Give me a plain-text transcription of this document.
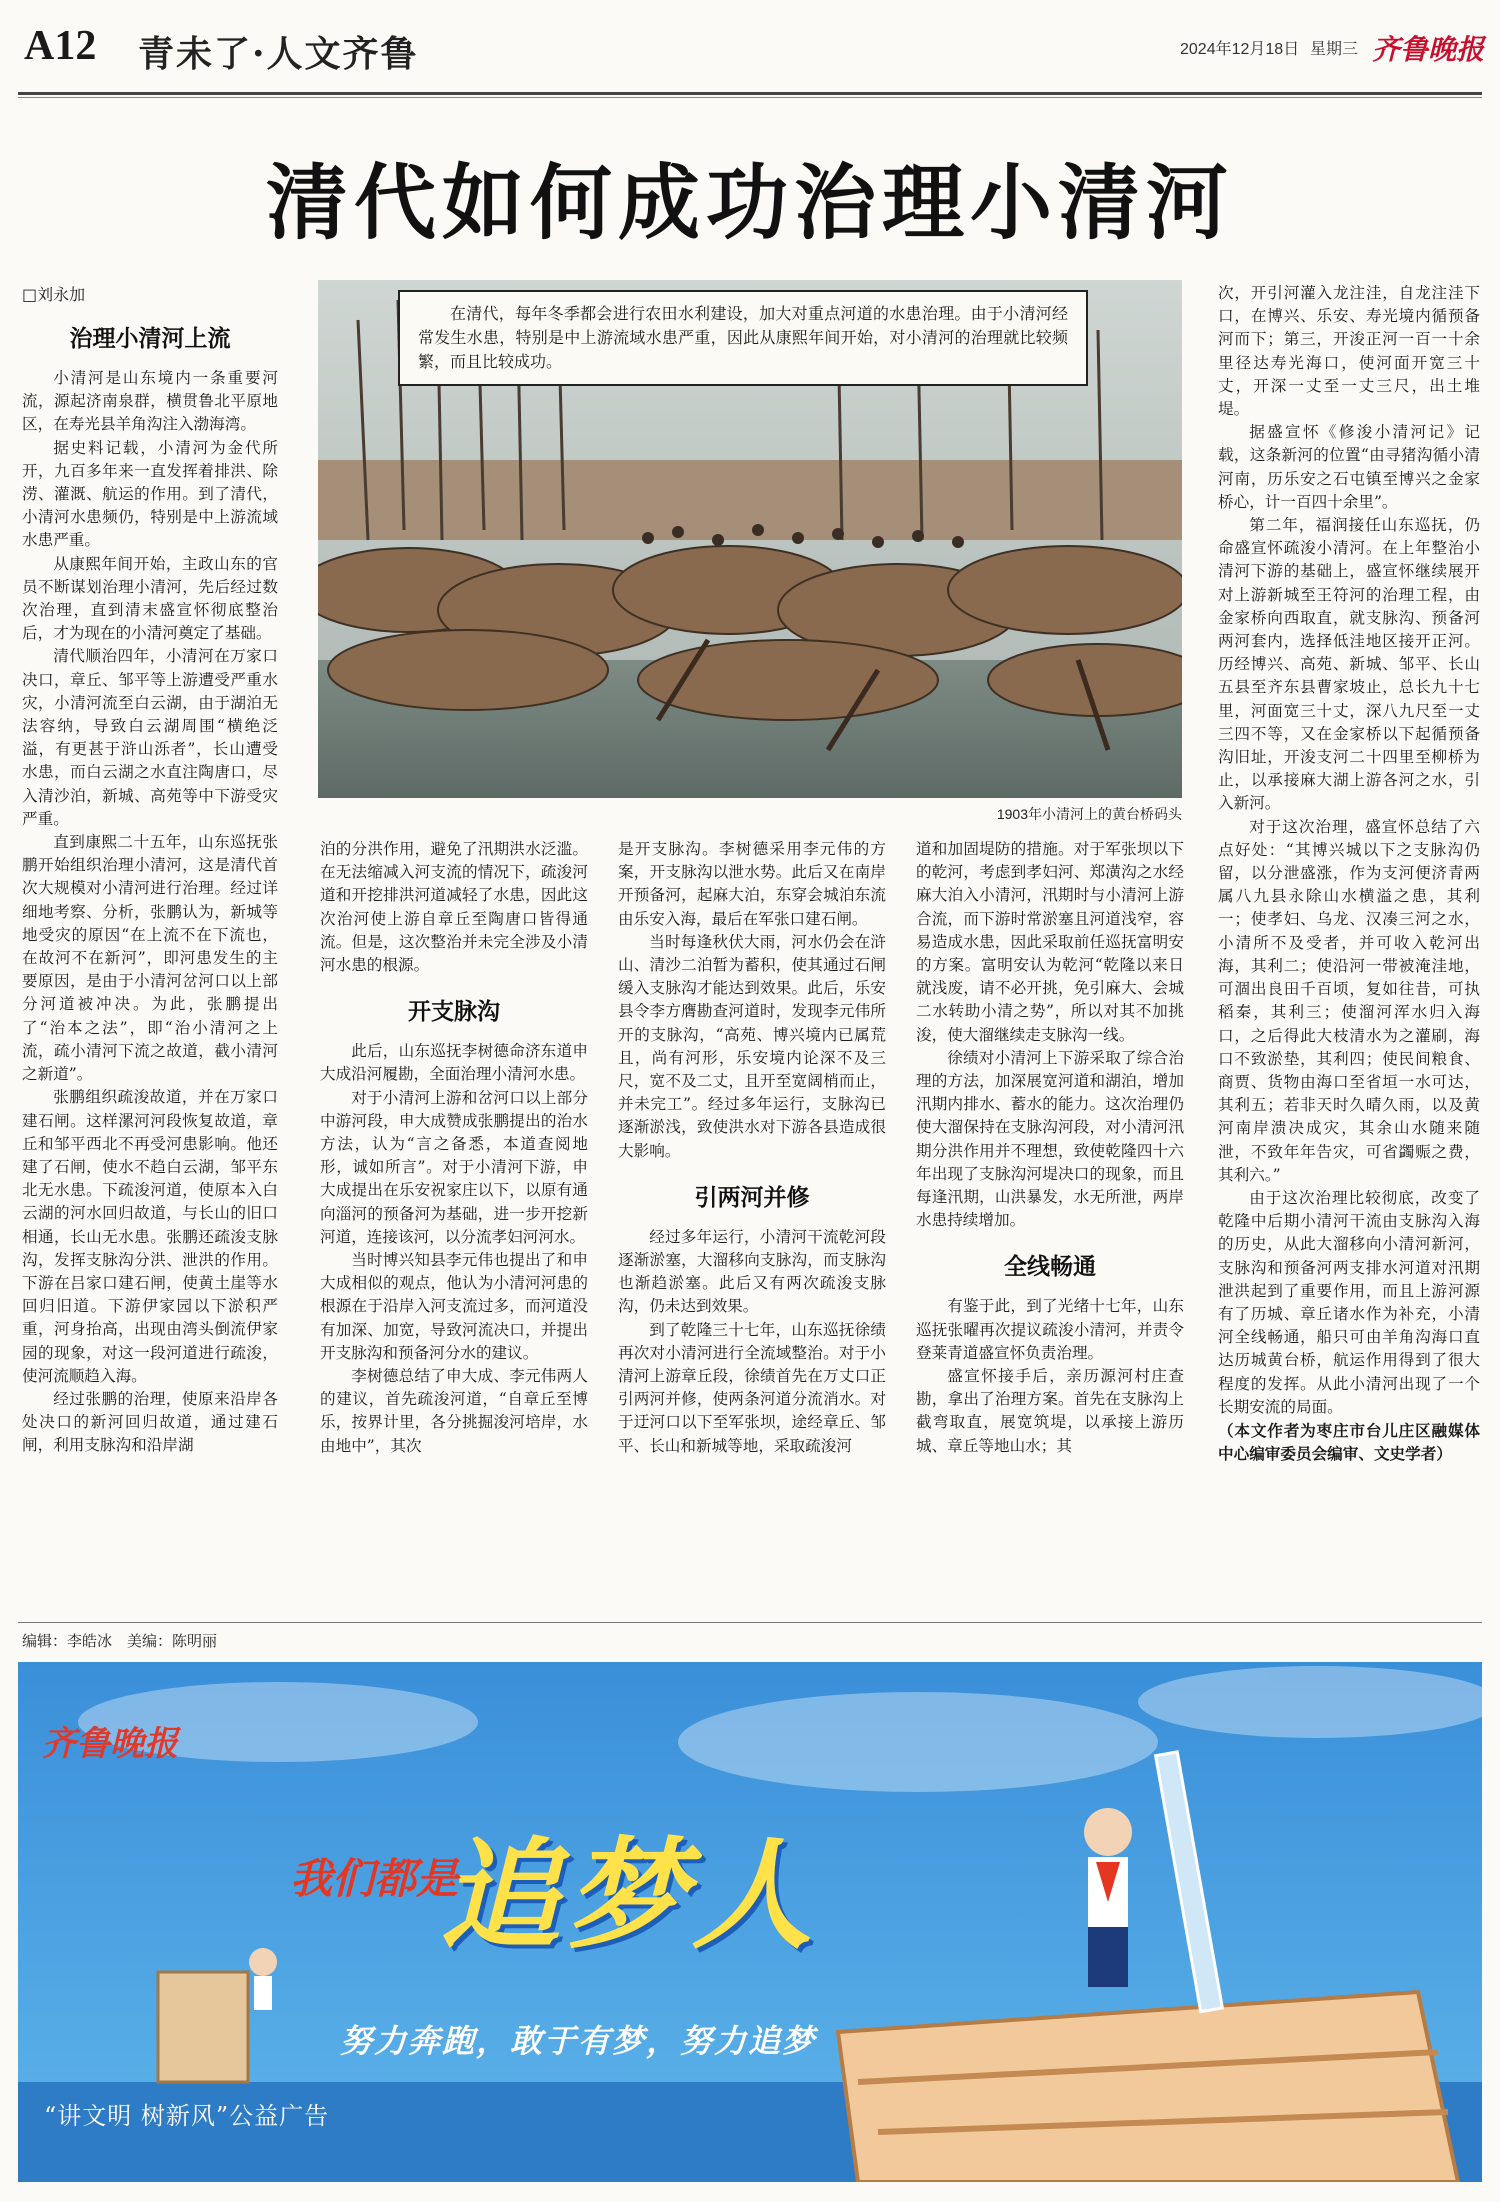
A12 青未了·人文齐鲁	2024年12月18日 星期三 齐鲁晚报
清代如何成功治理小清河
□刘永加
在清代，每年冬季都会进行农田水利建设，加大对重点河道的水患治理。由于小清河经常发生水患，特别是中上游流域水患严重，因此从康熙年间开始，对小清河的治理就比较频繁，而且比较成功。
1903年小清河上的黄台桥码头
治理小清河上流
小清河是山东境内一条重要河流，源起济南泉群，横贯鲁北平原地区，在寿光县羊角沟注入渤海湾。
据史料记载，小清河为金代所开，九百多年来一直发挥着排洪、除涝、灌溉、航运的作用。到了清代，小清河水患频仍，特别是中上游流域水患严重。
从康熙年间开始，主政山东的官员不断谋划治理小清河，先后经过数次治理，直到清末盛宣怀彻底整治后，才为现在的小清河奠定了基础。
清代顺治四年，小清河在万家口决口，章丘、邹平等上游遭受严重水灾，小清河流至白云湖，由于湖泊无法容纳，导致白云湖周围“横绝泛溢，有更甚于浒山泺者”，长山遭受水患，而白云湖之水直注陶唐口，尽入清沙泊，新城、高苑等中下游受灾严重。
直到康熙二十五年，山东巡抚张鹏开始组织治理小清河，这是清代首次大规模对小清河进行治理。经过详细地考察、分析，张鹏认为，新城等地受灾的原因“在上流不在下流也，在故河不在新河”，即河患发生的主要原因，是由于小清河岔河口以上部分河道被冲决。为此，张鹏提出了“治本之法”，即“治小清河之上流，疏小清河下流之故道，截小清河之新道”。
张鹏组织疏浚故道，并在万家口建石闸。这样漯河河段恢复故道，章丘和邹平西北不再受河患影响。他还建了石闸，使水不趋白云湖，邹平东北无水患。下疏浚河道，使原本入白云湖的河水回归故道，与长山的旧口相通，长山无水患。张鹏还疏浚支脉沟，发挥支脉沟分洪、泄洪的作用。下游在吕家口建石闸，使黄土崖等水回归旧道。下游伊家园以下淤积严重，河身抬高，出现由湾头倒流伊家园的现象，对这一段河道进行疏浚，使河流顺趋入海。
经过张鹏的治理，使原来沿岸各处决口的新河回归故道，通过建石闸，利用支脉沟和沿岸湖
泊的分洪作用，避免了汛期洪水泛滥。在无法缩减入河支流的情况下，疏浚河道和开挖排洪河道减轻了水患，因此这次治河使上游自章丘至陶唐口皆得通流。但是，这次整治并未完全涉及小清河水患的根源。
开支脉沟
此后，山东巡抚李树德命济东道申大成沿河履勘，全面治理小清河水患。
对于小清河上游和岔河口以上部分中游河段，申大成赞成张鹏提出的治水方法，认为“言之备悉，本道查阅地形，诚如所言”。对于小清河下游，申大成提出在乐安祝家庄以下，以原有通向淄河的预备河为基础，进一步开挖新河道，连接该河，以分流孝妇河河水。
当时博兴知县李元伟也提出了和申大成相似的观点，他认为小清河河患的根源在于沿岸入河支流过多，而河道没有加深、加宽，导致河流决口，并提出开支脉沟和预备河分水的建议。
李树德总结了申大成、李元伟两人的建议，首先疏浚河道，“自章丘至博乐，按界计里，各分挑掘浚河培岸，水由地中”，其次
是开支脉沟。李树德采用李元伟的方案，开支脉沟以泄水势。此后又在南岸开预备河，起麻大泊，东穿会城泊东流由乐安入海，最后在军张口建石闸。
当时每逢秋伏大雨，河水仍会在浒山、清沙二泊暂为蓄积，使其通过石闸缓入支脉沟才能达到效果。此后，乐安县令李方膺勘查河道时，发现李元伟所开的支脉沟，“高苑、博兴境内已属荒且，尚有河形，乐安境内论深不及三尺，宽不及二丈，且开至宽阔梢而止，并未完工”。经过多年运行，支脉沟已逐渐淤浅，致使洪水对下游各县造成很大影响。
引两河并修
经过多年运行，小清河干流乾河段逐渐淤塞，大溜移向支脉沟，而支脉沟也渐趋淤塞。此后又有两次疏浚支脉沟，仍未达到效果。
到了乾隆三十七年，山东巡抚徐绩再次对小清河进行全流域整治。对于小清河上游章丘段，徐绩首先在万丈口正引两河并修，使两条河道分流消水。对于迂河口以下至军张坝，途经章丘、邹平、长山和新城等地，采取疏浚河
道和加固堤防的措施。对于军张坝以下的乾河，考虑到孝妇河、郑潢沟之水经麻大泊入小清河，汛期时与小清河上游合流，而下游时常淤塞且河道浅窄，容易造成水患，因此采取前任巡抚富明安的方案。富明安认为乾河“乾隆以来日就浅废，请不必开挑，免引麻大、会城二水转助小清之势”，所以对其不加挑浚，使大溜继续走支脉沟一线。
徐绩对小清河上下游采取了综合治理的方法，加深展宽河道和湖泊，增加汛期内排水、蓄水的能力。这次治理仍使大溜保持在支脉沟河段，对小清河汛期分洪作用并不理想，致使乾隆四十六年出现了支脉沟河堤决口的现象，而且每逢汛期，山洪暴发，水无所泄，两岸水患持续增加。
全线畅通
有鉴于此，到了光绪十七年，山东巡抚张曜再次提议疏浚小清河，并责令登莱青道盛宣怀负责治理。
盛宣怀接手后，亲历源河村庄查勘，拿出了治理方案。首先在支脉沟上截弯取直，展宽筑堤，以承接上游历城、章丘等地山水；其
次，开引河灌入龙注洼，自龙注洼下口，在博兴、乐安、寿光境内循预备河而下；第三，开浚正河一百一十余里径达寿光海口，使河面开宽三十丈，开深一丈至一丈三尺，出土堆堤。
据盛宣怀《修浚小清河记》记载，这条新河的位置“由寻猪沟循小清河南，历乐安之石屯镇至博兴之金家桥心，计一百四十余里”。
第二年，福润接任山东巡抚，仍命盛宣怀疏浚小清河。在上年整治小清河下游的基础上，盛宣怀继续展开对上游新城至王符河的治理工程，由金家桥向西取直，就支脉沟、预备河两河套内，选择低洼地区接开正河。历经博兴、高苑、新城、邹平、长山五县至齐东县曹家坡止，总长九十七里，河面宽三十丈，深八九尺至一丈三四不等，又在金家桥以下起循预备沟旧址，开浚支河二十四里至柳桥为止，以承接麻大湖上游各河之水，引入新河。
对于这次治理，盛宣怀总结了六点好处：“其博兴城以下之支脉沟仍留，以分泄盛涨，作为支河便济青两属八九县永除山水横溢之患，其利一；使孝妇、乌龙、汉凑三河之水，小清所不及受者，并可收入乾河出海，其利二；使沿河一带被淹洼地，可涸出良田千百顷，复如往昔，可执稻秦，其利三；使溜河浑水归入海口，之后得此大枝清水为之灌刷，海口不致淤垫，其利四；使民间粮食、商贾、货物由海口至省垣一水可达，其利五；若非天时久晴久雨，以及黄河南岸溃决成灾，其余山水随来随泄，不致年年告灾，可省蠲赈之费，其利六。”
由于这次治理比较彻底，改变了乾隆中后期小清河干流由支脉沟入海的历史，从此大溜移向小清河新河，支脉沟和预备河两支排水河道对汛期泄洪起到了重要作用，而且上游河源有了历城、章丘诸水作为补充，小清河全线畅通，船只可由羊角沟海口直达历城黄台桥，航运作用得到了很大程度的发挥。从此小清河出现了一个长期安流的局面。
（本文作者为枣庄市台儿庄区融媒体中心编审委员会编审、文史学者）
编辑：李皓冰　美编：陈明丽
齐鲁晚报
追梦人
我们都是
努力奔跑，敢于有梦，努力追梦
“讲文明 树新风”公益广告
